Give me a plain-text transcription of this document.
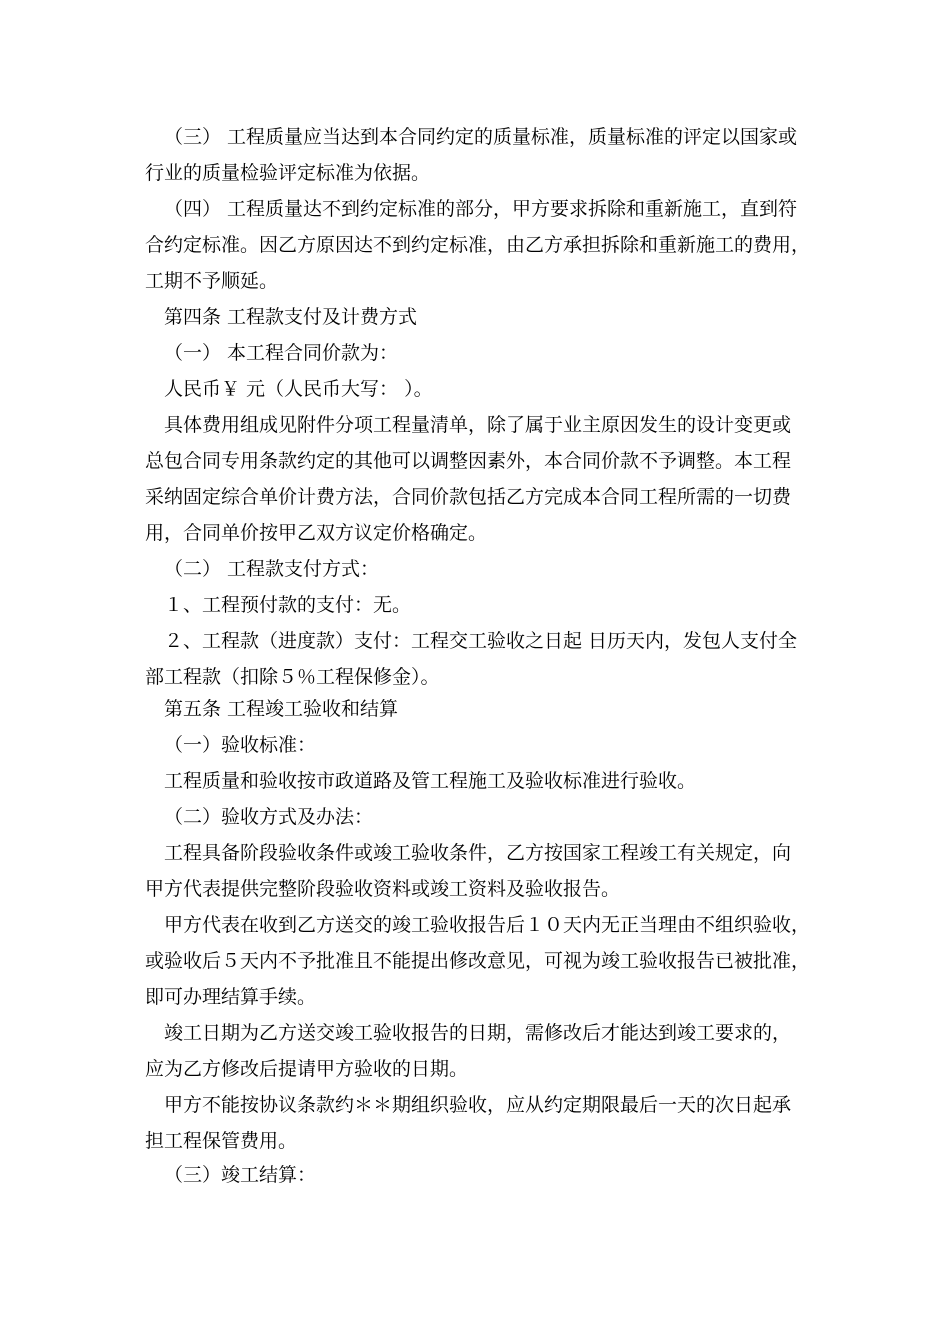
（三） 工程质量应当达到本合同约定的质量标准，质量标准的评定以国家或
行业的质量检验评定标准为依据。
（四） 工程质量达不到约定标准的部分，甲方要求拆除和重新施工，直到符
合约定标准。因乙方原因达不到约定标准，由乙方承担拆除和重新施工的费用，
工期不予顺延。
第四条 工程款支付及计费方式
（一） 本工程合同价款为：
人民币￥ 元（人民币大写： ）。
具体费用组成见附件分项工程量清单，除了属于业主原因发生的设计变更或
总包合同专用条款约定的其他可以调整因素外，本合同价款不予调整。本工程
采纳固定综合单价计费方法，合同价款包括乙方完成本合同工程所需的一切费
用，合同单价按甲乙双方议定价格确定。
（二） 工程款支付方式：
１、工程预付款的支付：无。
２、工程款（进度款）支付：工程交工验收之日起 日历天内，发包人支付全
部工程款（扣除５％工程保修金）。
第五条 工程竣工验收和结算
（一）验收标准：
工程质量和验收按市政道路及管工程施工及验收标准进行验收。
（二）验收方式及办法：
工程具备阶段验收条件或竣工验收条件，乙方按国家工程竣工有关规定，向
甲方代表提供完整阶段验收资料或竣工资料及验收报告。
甲方代表在收到乙方送交的竣工验收报告后１０天内无正当理由不组织验收，
或验收后５天内不予批准且不能提出修改意见，可视为竣工验收报告已被批准，
即可办理结算手续。
竣工日期为乙方送交竣工验收报告的日期，需修改后才能达到竣工要求的，
应为乙方修改后提请甲方验收的日期。
甲方不能按协议条款约＊＊期组织验收，应从约定期限最后一天的次日起承
担工程保管费用。
（三）竣工结算：
